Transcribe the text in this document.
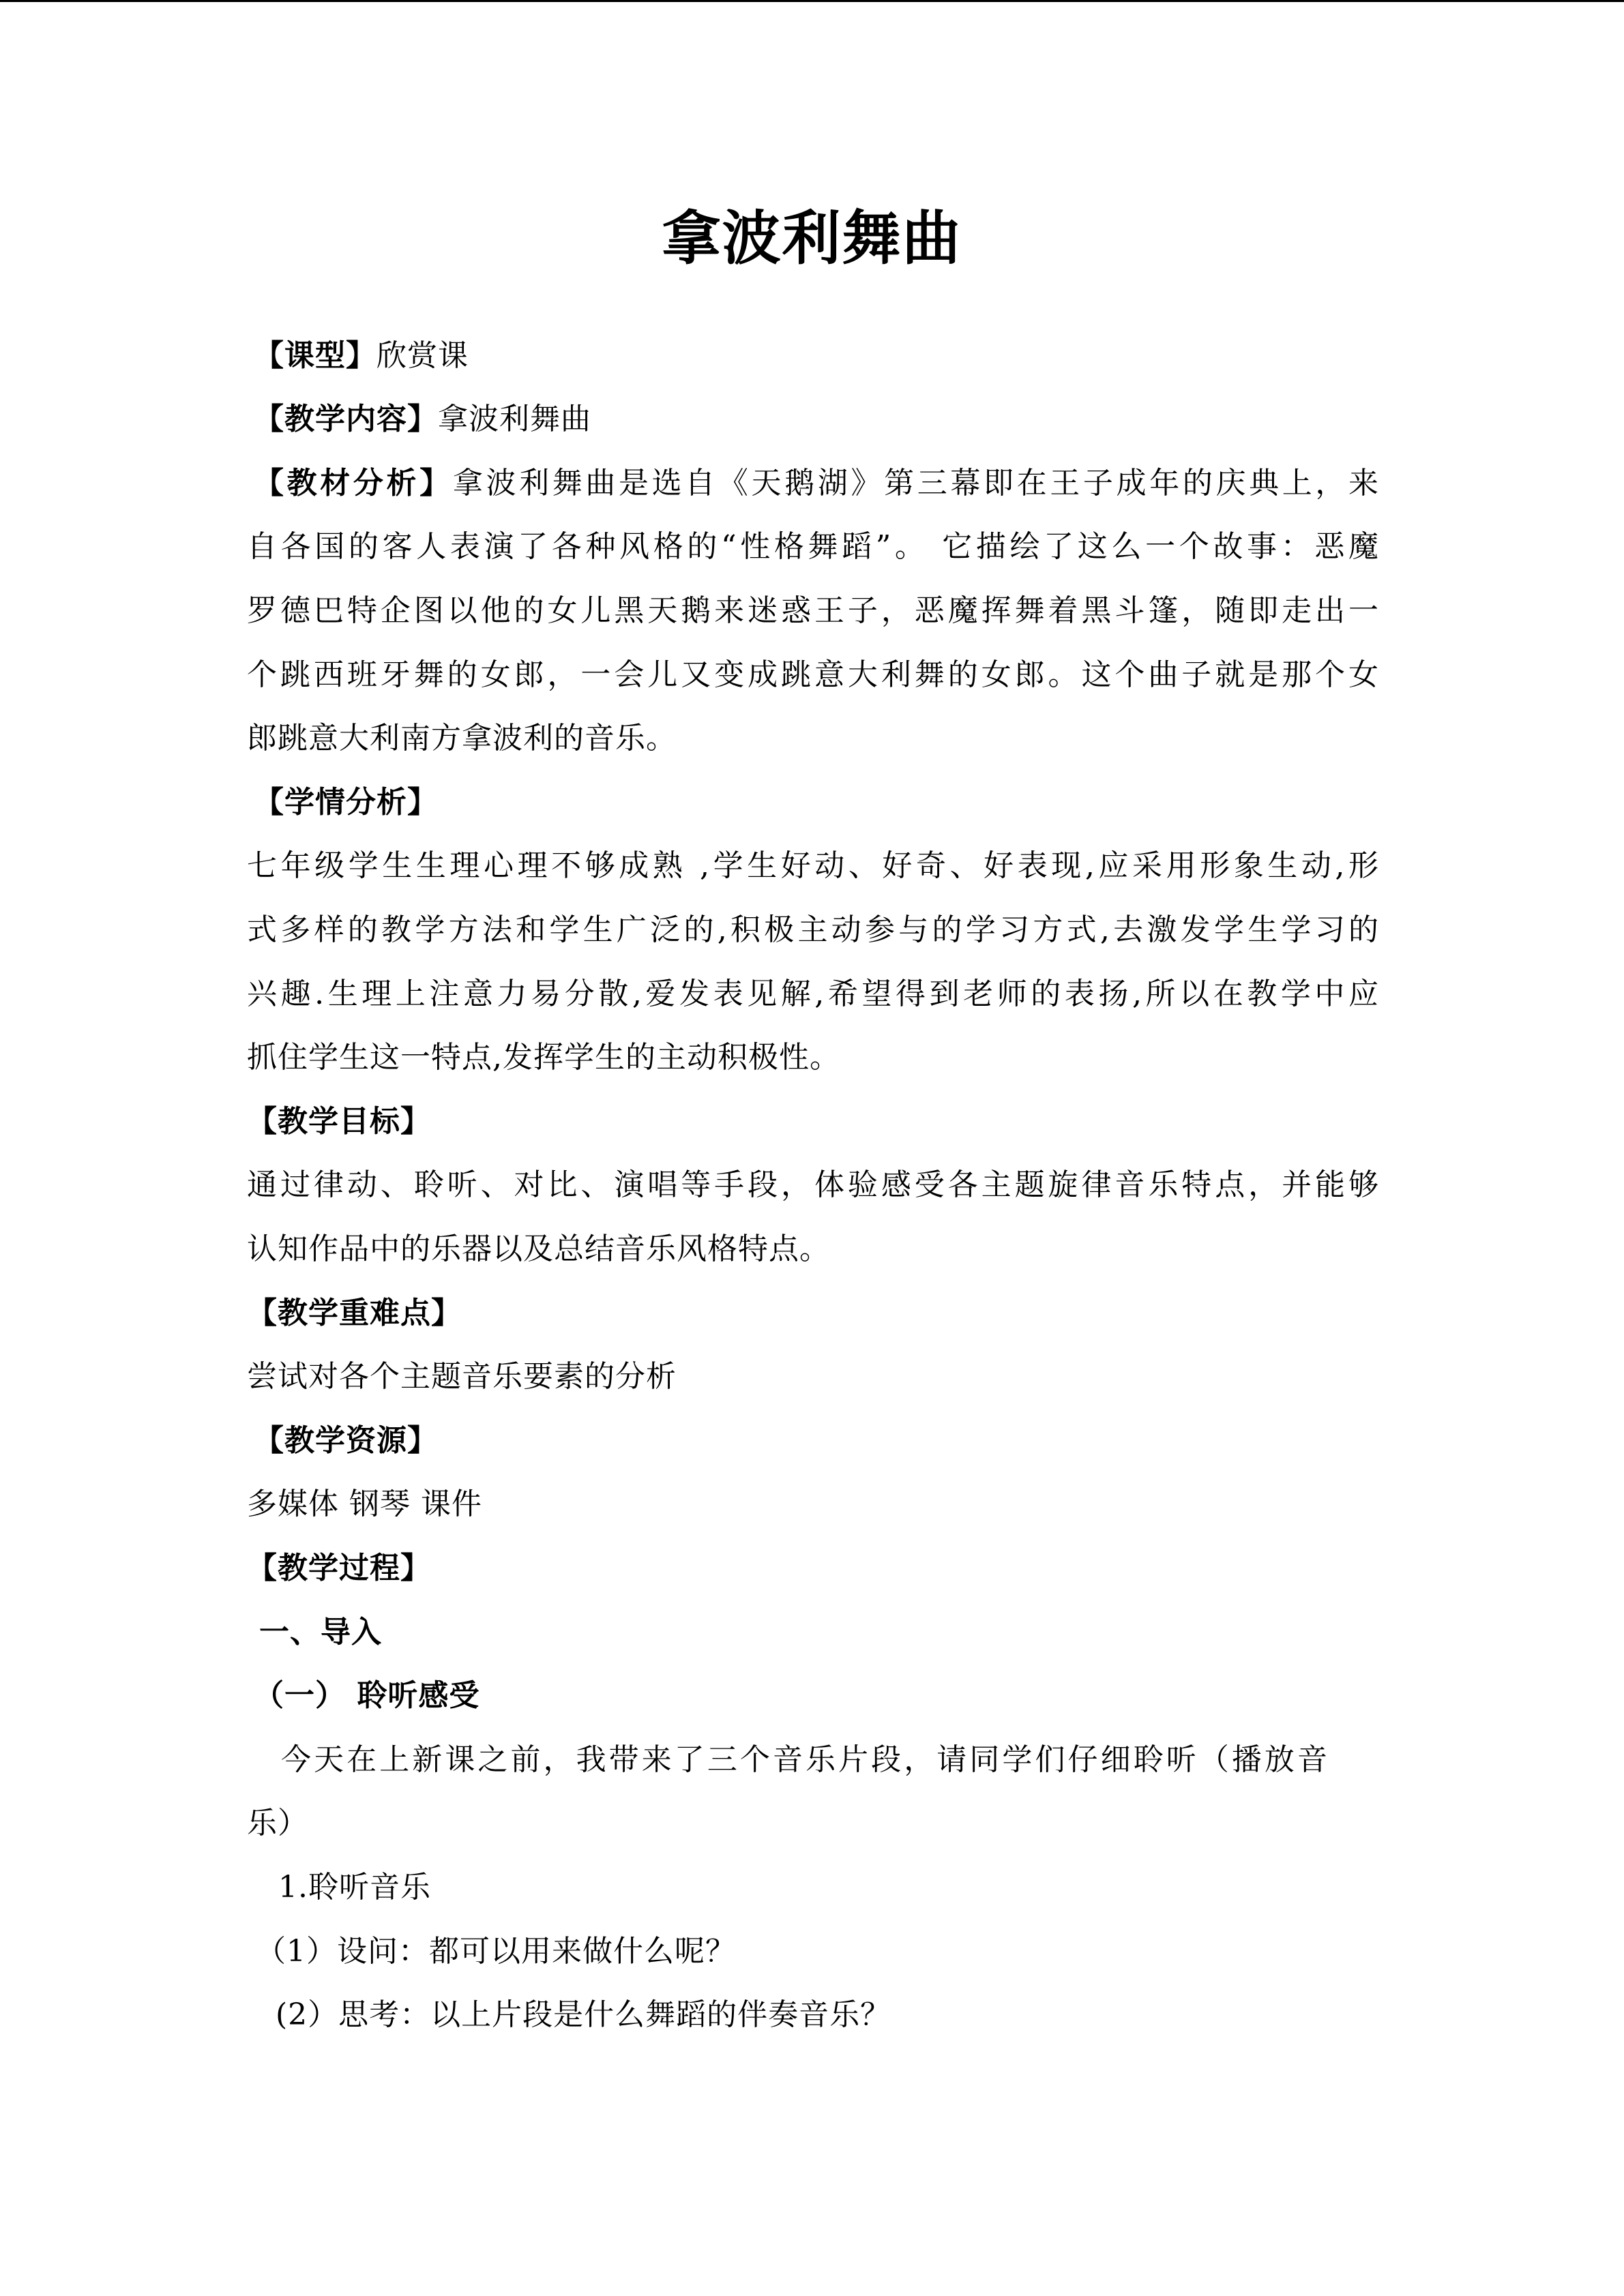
拿波利舞曲
【课型】欣赏课
【教学内容】拿波利舞曲
【教材分析】拿波利舞曲是选自《天鹅湖》第三幕即在王子成年的庆典上，来
自各国的客人表演了各种风格的“性格舞蹈”。 它描绘了这么一个故事：恶魔
罗德巴特企图以他的女儿黑天鹅来迷惑王子，恶魔挥舞着黑斗篷，随即走出一
个跳西班牙舞的女郎，一会儿又变成跳意大利舞的女郎。这个曲子就是那个女
郎跳意大利南方拿波利的音乐。
【学情分析】
七年级学生生理心理不够成熟 ,学生好动、好奇、好表现,应采用形象生动,形
式多样的教学方法和学生广泛的,积极主动参与的学习方式,去激发学生学习的
兴趣.生理上注意力易分散,爱发表见解,希望得到老师的表扬,所以在教学中应
抓住学生这一特点,发挥学生的主动积极性。
【教学目标】
通过律动、聆听、对比、演唱等手段，体验感受各主题旋律音乐特点，并能够
认知作品中的乐器以及总结音乐风格特点。
【教学重难点】
尝试对各个主题音乐要素的分析
【教学资源】
多媒体 钢琴 课件
【教学过程】
一、导入
（一） 聆听感受
今天在上新课之前，我带来了三个音乐片段，请同学们仔细聆听（播放音
乐）
1.聆听音乐
（1）设问：都可以用来做什么呢？
(2）思考：以上片段是什么舞蹈的伴奏音乐？
